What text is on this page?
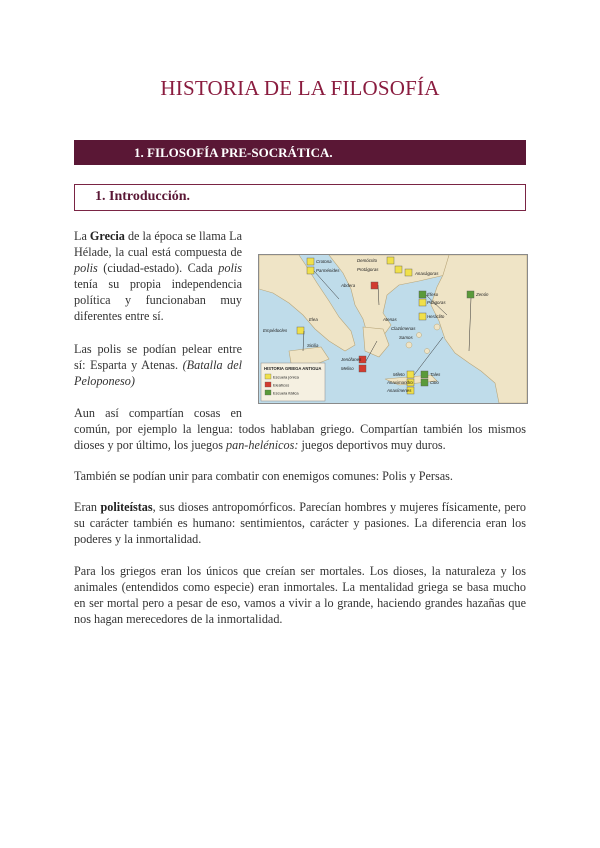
HISTORIA DE LA FILOSOFÍA
1. FILOSOFÍA PRE-SOCRÁTICA.
1. Introducción.

La Grecia de la época se llama La Hélade, la cual está compuesta de polis (ciudad-estado). Cada polis tenía su propia independencia política y funcionaban muy diferentes entre sí.

Las polis se podían pelear entre sí: Esparta y Atenas. (Batalla del Peloponeso)

Aun así compartían cosas en

común, por ejemplo la lengua: todos hablaban griego. Compartían también los mismos dioses y por último, los juegos pan-helénicos: juegos deportivos muy duros.

También se podían unir para combatir con enemigos comunes: Polis y Persas.

Eran politeístas, sus dioses antropomórficos. Parecían hombres y mujeres físicamente, pero su carácter también es humano: sentimientos, carácter y pasiones. La diferencia eran los poderes y la inmortalidad.

Para los griegos eran los únicos que creían ser mortales. Los dioses, la naturaleza y los animales (entendidos como especie) eran inmortales. La mentalidad griega se basa mucho en ser mortal pero a pesar de eso, vamos a vivir a lo grande, haciendo grandes hazañas que nos hagan merecedores de la inmortalidad.

Crotona
Parménides
Demócrito
Protágoras
Anaxágoras
Abdera
Éfeso
Pitágoras
Zenón
Heráclito
Empédocles
Elea
Jenófanes
Meliso
Mileto
Anaximandro
Anaxímenes
Tales
Citio
Atenas
Clazómenas
Samos
Sicilia
HISTORIA GRIEGA ANTIGUA
Escuela jónica
Eleáticos
Escuela itálica
